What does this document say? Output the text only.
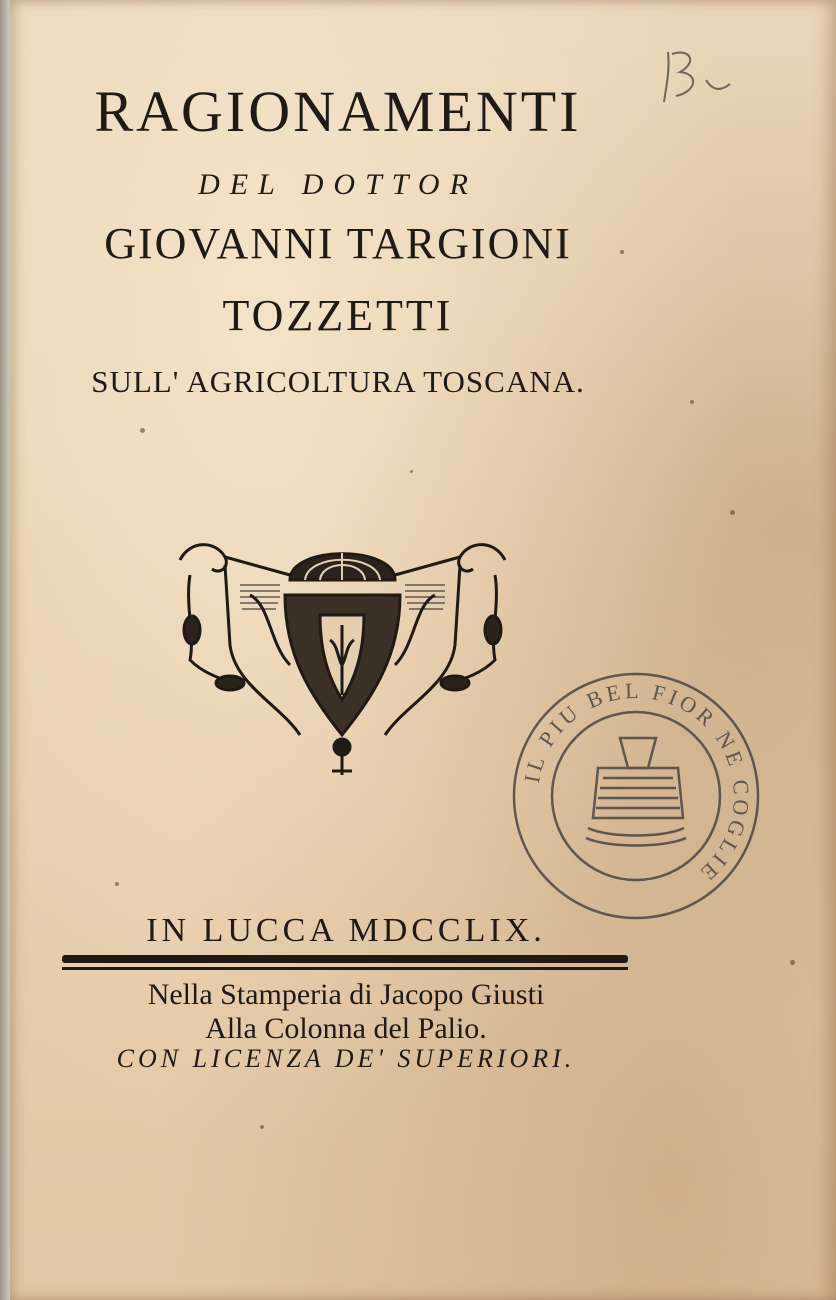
RAGIONAMENTI

DEL DOTTOR

GIOVANNI TARGIONI

TOZZETTI

SULL' AGRICOLTURA TOSCANA.

IL PIU BEL FIOR NE COGLIE

IN LUCCA MDCCLIX.

Nella Stamperia di Jacopo Giusti

Alla Colonna del Palio.

CON LICENZA DE' SUPERIORI.
